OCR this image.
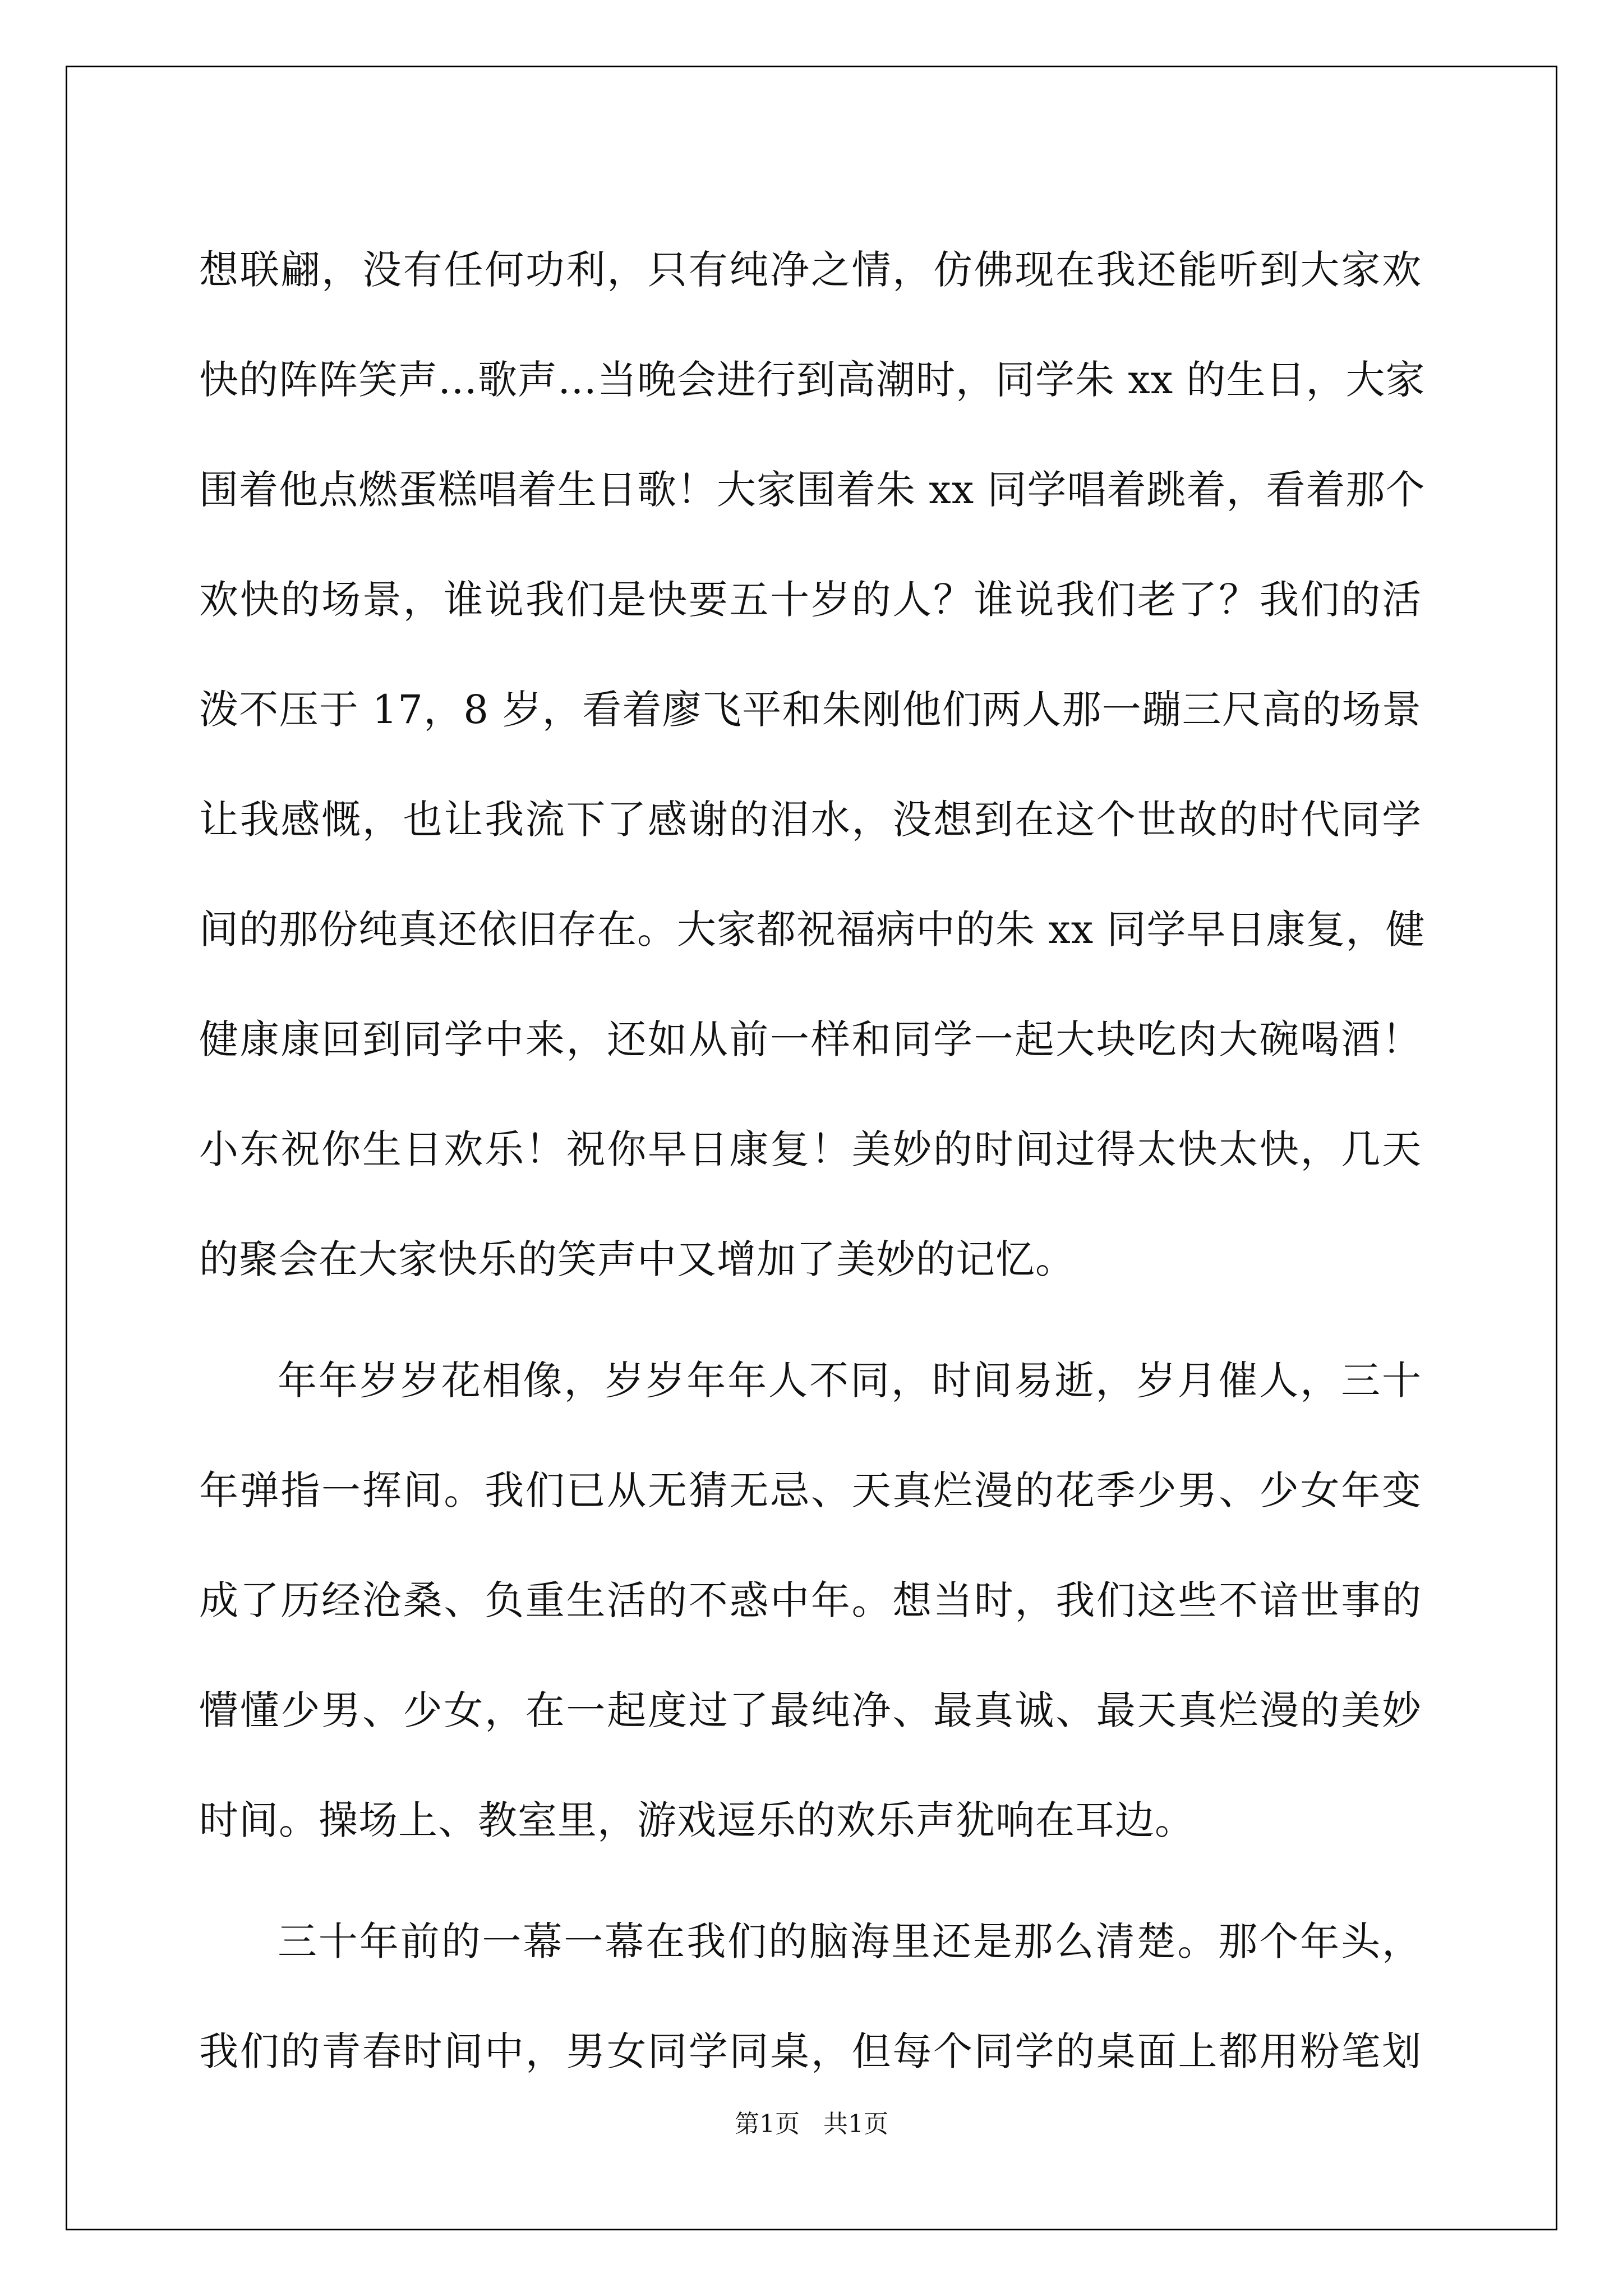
想联翩，没有任何功利，只有纯净之情，仿佛现在我还能听到大家欢
快的阵阵笑声…歌声…当晚会进行到高潮时，同学朱 xx 的生日，大家
围着他点燃蛋糕唱着生日歌！大家围着朱 xx 同学唱着跳着，看着那个
欢快的场景，谁说我们是快要五十岁的人？谁说我们老了？我们的活
泼不压于 17，8 岁，看着廖飞平和朱刚他们两人那一蹦三尺高的场景
让我感慨，也让我流下了感谢的泪水，没想到在这个世故的时代同学
间的那份纯真还依旧存在。大家都祝福病中的朱 xx 同学早日康复，健
健康康回到同学中来，还如从前一样和同学一起大块吃肉大碗喝酒！
小东祝你生日欢乐！祝你早日康复！美妙的时间过得太快太快，几天
的聚会在大家快乐的笑声中又增加了美妙的记忆。
年年岁岁花相像，岁岁年年人不同，时间易逝，岁月催人，三十
年弹指一挥间。我们已从无猜无忌、天真烂漫的花季少男、少女年变
成了历经沧桑、负重生活的不惑中年。想当时，我们这些不谙世事的
懵懂少男、少女，在一起度过了最纯净、最真诚、最天真烂漫的美妙
时间。操场上、教室里，游戏逗乐的欢乐声犹响在耳边。
三十年前的一幕一幕在我们的脑海里还是那么清楚。那个年头，
我们的青春时间中，男女同学同桌，但每个同学的桌面上都用粉笔划
第1页   共1页
